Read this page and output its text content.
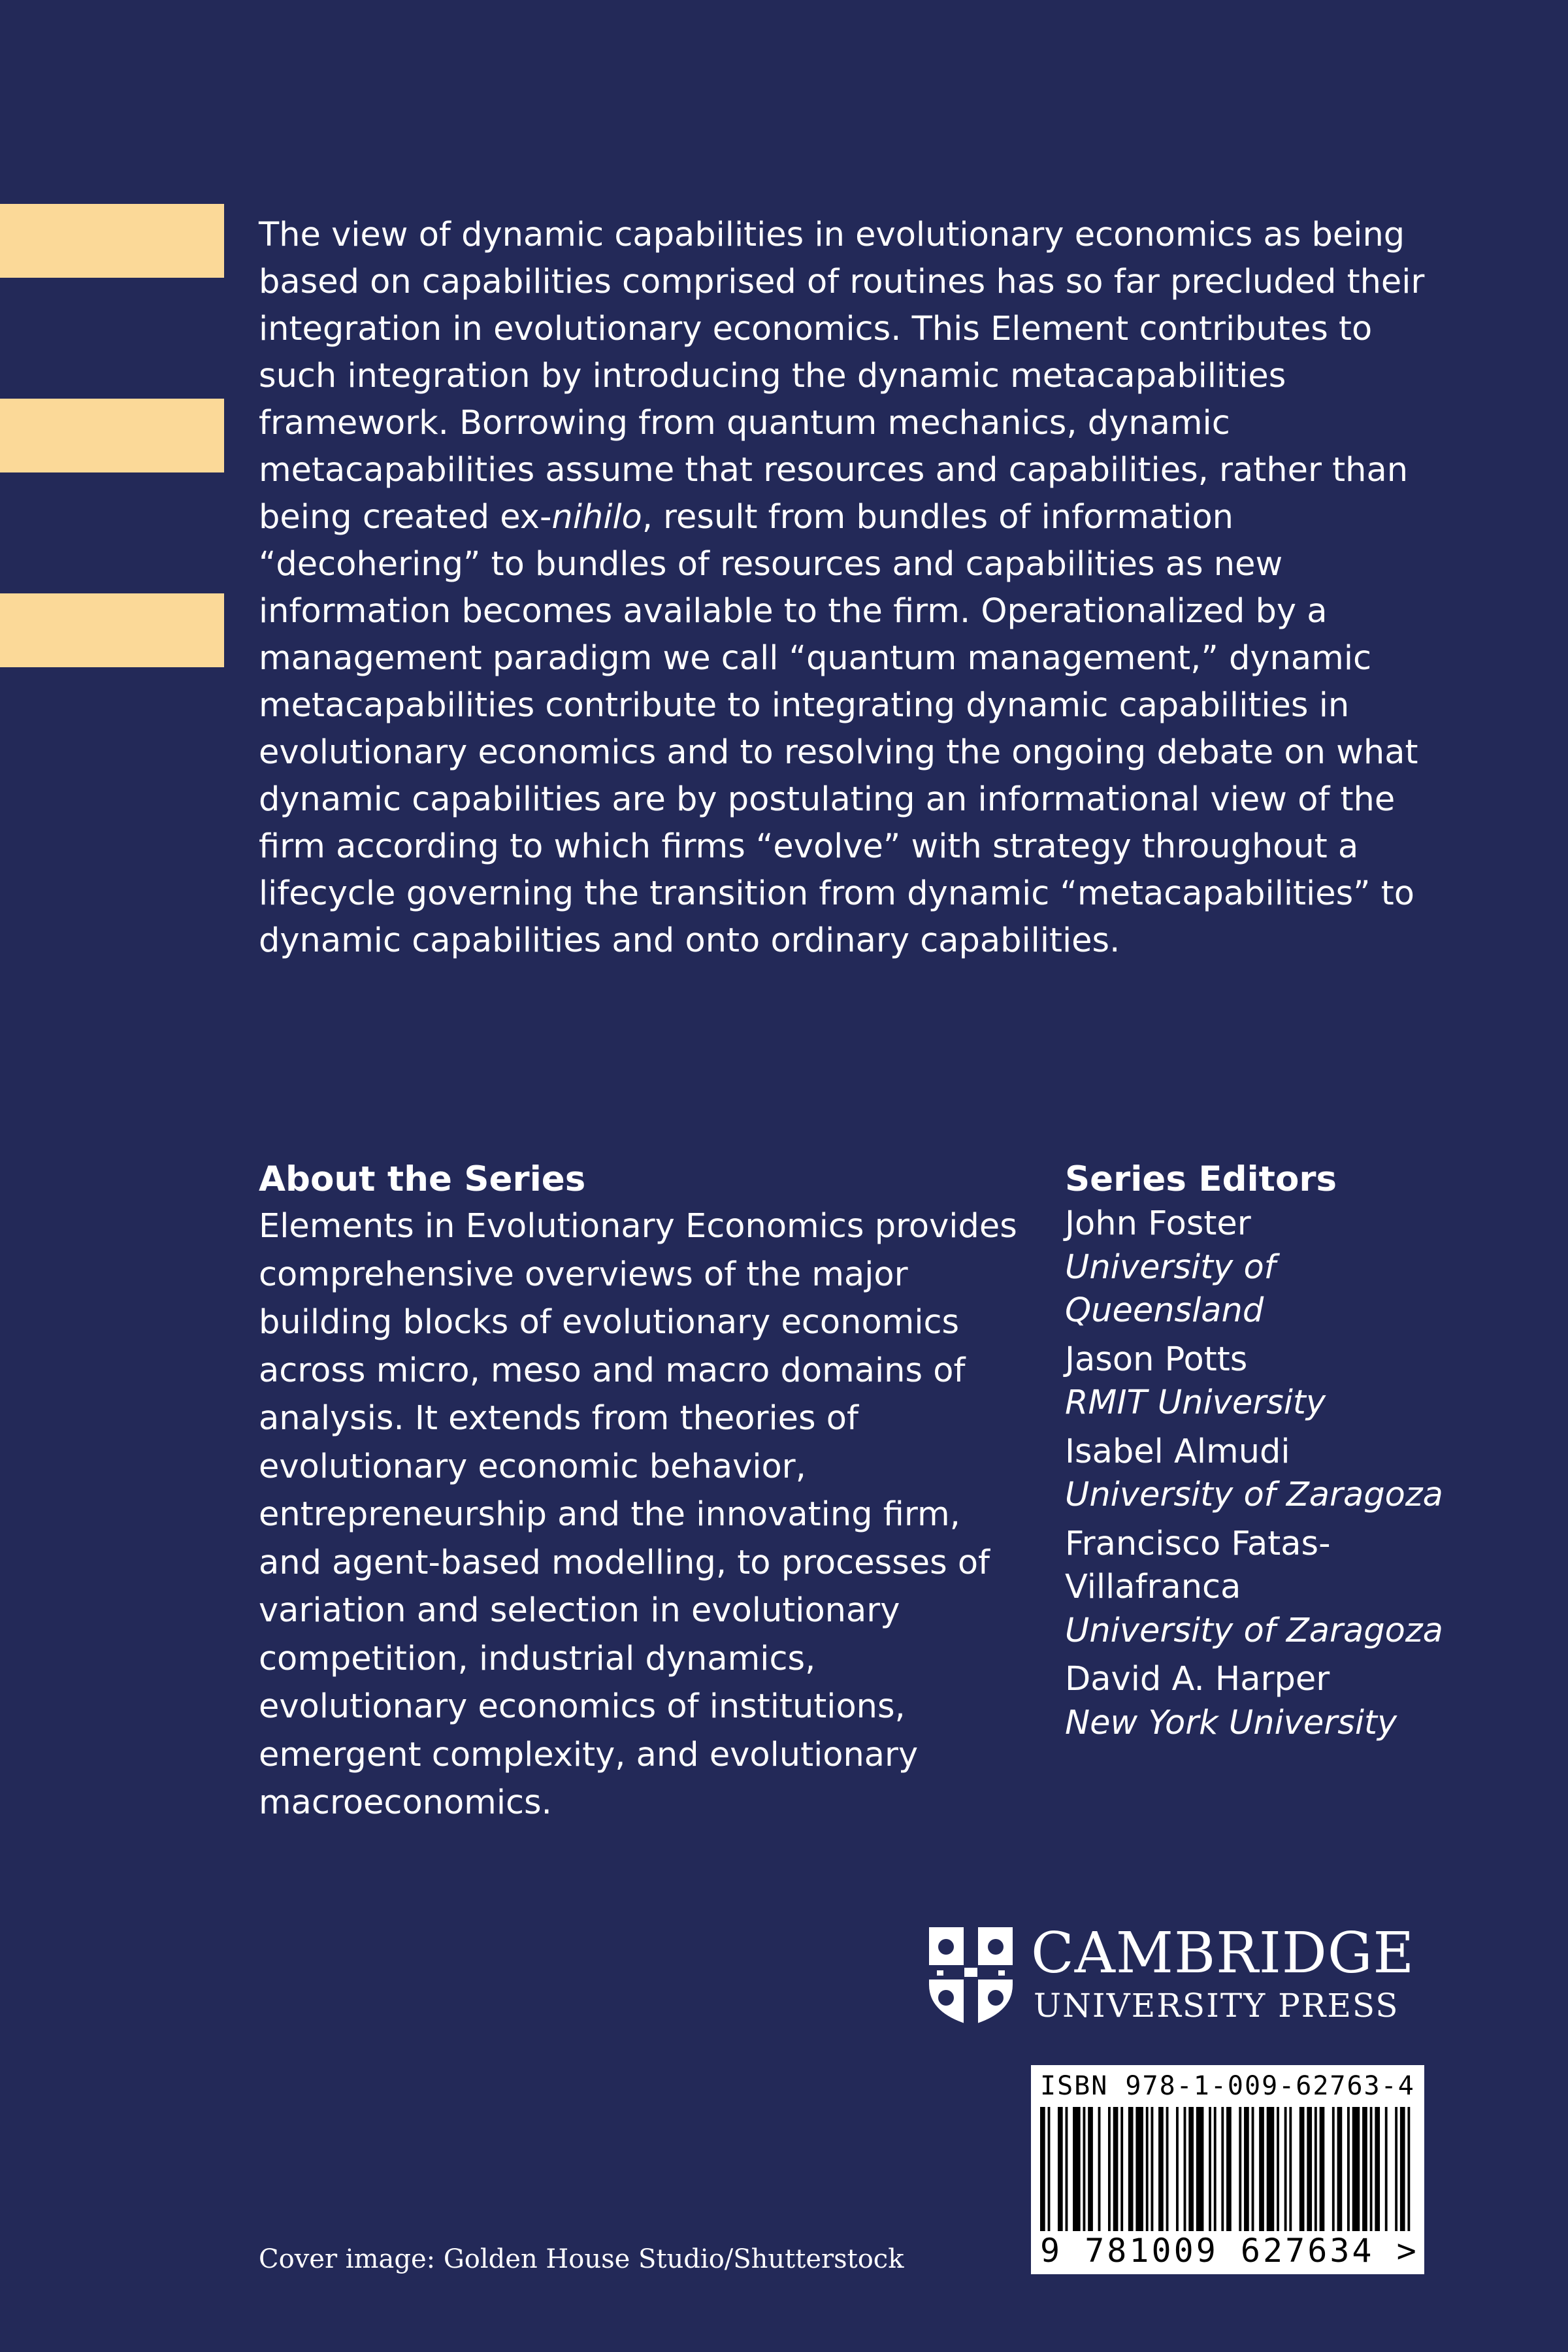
The view of dynamic capabilities in evolutionary economics as being based on capabilities comprised of routines has so far precluded their integration in evolutionary economics. This Element contributes to such integration by introducing the dynamic metacapabilities framework. Borrowing from quantum mechanics, dynamic metacapabilities assume that resources and capabilities, rather than being created ex-nihilo, result from bundles of information “decohering” to bundles of resources and capabilities as new information becomes available to the firm. Operationalized by a management paradigm we call “quantum management,” dynamic metacapabilities contribute to integrating dynamic capabilities in evolutionary economics and to resolving the ongoing debate on what dynamic capabilities are by postulating an informational view of the firm according to which firms “evolve” with strategy throughout a lifecycle governing the transition from dynamic “metacapabilities” to dynamic capabilities and onto ordinary capabilities.

About the Series

Elements in Evolutionary Economics provides comprehensive overviews of the major building blocks of evolutionary economics across micro, meso and macro domains of analysis. It extends from theories of evolutionary economic behavior, entrepreneurship and the innovating firm, and agent-based modelling, to processes of variation and selection in evolutionary competition, industrial dynamics, evolutionary economics of institutions, emergent complexity, and evolutionary macroeconomics.

Series Editors
John Foster
University of Queensland
Jason Potts
RMIT University
Isabel Almudi
University of Zaragoza
Francisco Fatas-Villafranca
University of Zaragoza
David A. Harper
New York University
CAMBRIDGE
UNIVERSITY PRESS
ISBN 978-1-009-62763-4
9 781009 627634 >
Cover image: Golden House Studio/Shutterstock
